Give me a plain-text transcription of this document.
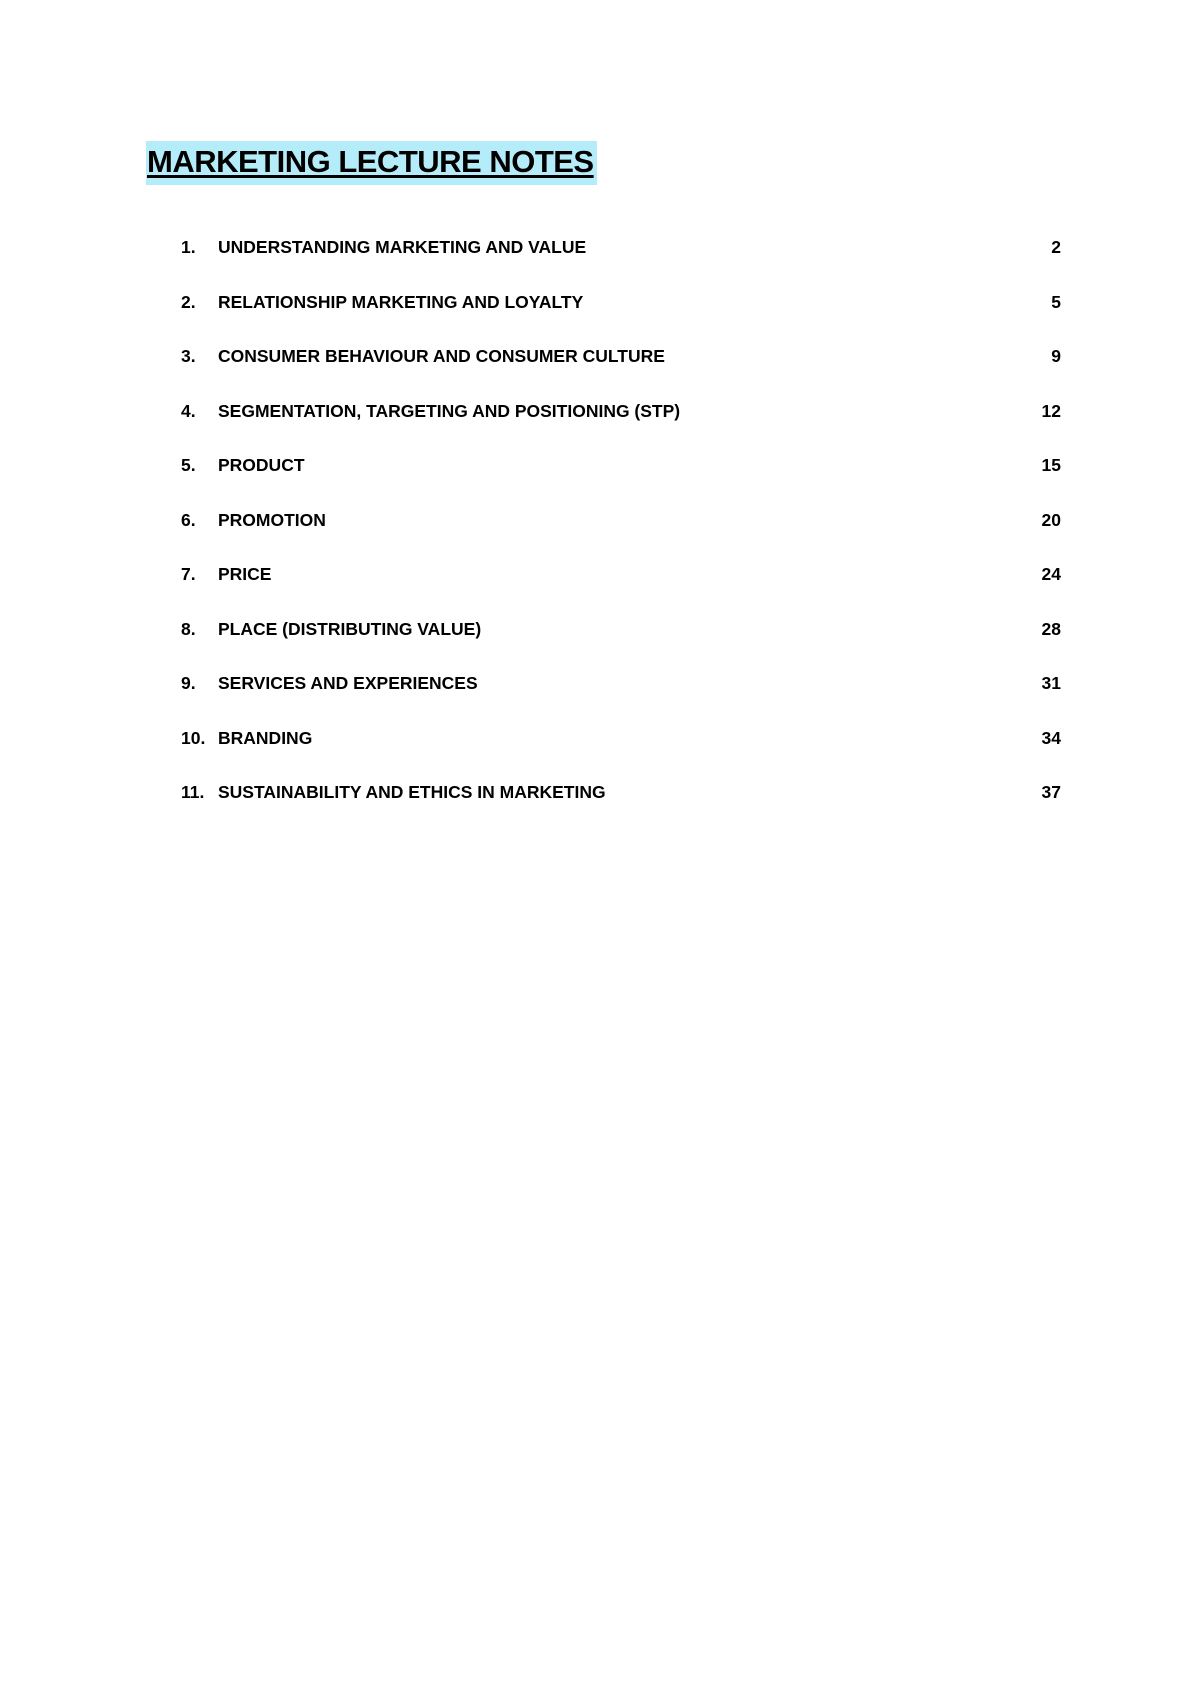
MARKETING LECTURE NOTES
1. UNDERSTANDING MARKETING AND VALUE	2
2. RELATIONSHIP MARKETING AND LOYALTY	5
3. CONSUMER BEHAVIOUR AND CONSUMER CULTURE	9
4. SEGMENTATION, TARGETING AND POSITIONING (STP)	12
5. PRODUCT	15
6. PROMOTION	20
7. PRICE	24
8. PLACE (DISTRIBUTING VALUE)	28
9. SERVICES AND EXPERIENCES	31
10. BRANDING	34
11. SUSTAINABILITY AND ETHICS IN MARKETING	37
